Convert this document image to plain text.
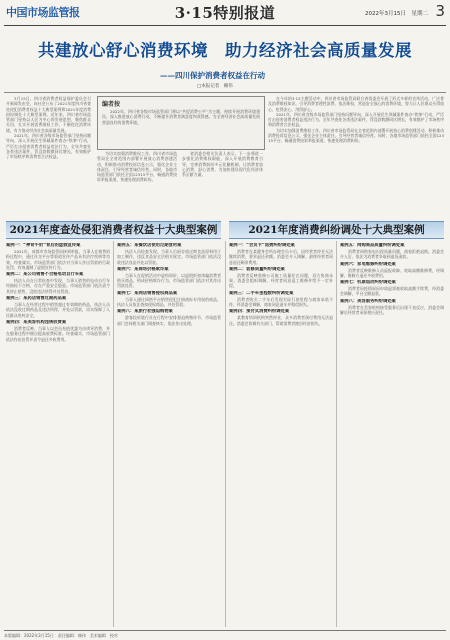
中国市场监管报	3·15特别报道	2022年3月15日　星期二 3
共建放心舒心消费环境　助力经济社会高质量发展
——四川保护消费者权益在行动
□本报记者　赖伟

3月15日，四川省消费者权益保护委员会召开新闻发布会，向社会公布了2021年度四川省查处侵犯消费者权益十大典型案例和2021年度消费纠纷调处十大典型案例。近年来，四川省市场监管部门坚持以人民为中心的发展思想，聚焦群众关切，扎实开展消费维权工作，不断优化消费环境，有力推动经济社会高质量发展。

2021年，四川省各级市场监管部门坚持问题导向，深入开展民生领域案件查办“铁拳”行动，严厉打击侵害消费者权益违法行为，全年共查处各类违法案件，罚没款数额同比增长，有效维护了市场秩序和消费者合法权益。

编者按

2022年，四川省各级市场监管部门将以“共促消费公平”为主题，持续开展消费环境建设，深入推进放心消费行动，不断提升消费者满意度和获得感，为全省经济社会高质量发展营造良好的消费环境。

为切实加强消费维权工作，四川省市场监管局在全省范围内部署开展放心消费创建活动，积极推动消费投诉信息公示，强化企业主体责任，引导经营者诚信经营。同时，各地市场监管部门依托全国12315平台，畅通消费投诉举报渠道，快速处理消费纠纷。

省消委会相关负责人表示，下一步将进一步强化消费维权职能，深入开展消费教育引导，完善消费纠纷多元化解机制，让消费者放心消费、舒心消费，为加快建设现代化经济体系贡献力量。

在今年的3·15主题活动中，四川省市场监管局联合省消委会开展了形式多样的宣传活动，广泛普及消费维权知识，引导消费者理性消费、依法维权，营造安全放心的消费环境，努力让人民群众买得放心、吃得安心、用得舒心。

2021年，四川省各级市场监管部门坚持问题导向，深入开展民生领域案件查办“铁拳”行动，严厉打击侵害消费者权益违法行为，全年共查处各类违法案件，罚没款数额同比增长，有效维护了市场秩序和消费者合法权益。

为切实加强消费维权工作，四川省市场监管局在全省范围内部署开展放心消费创建活动，积极推动消费投诉信息公示，强化企业主体责任，引导经营者诚信经营。同时，各地市场监管部门依托全国12315平台，畅通消费投诉举报渠道，快速处理消费纠纷。

2021年度查处侵犯消费者权益十大典型案例	2021年度消费纠纷调处十大典型案例
案例一：“神奇牛奶”背后的虚假宣传案

2021年，成都市市场监管局接到举报，当事人在销售奶粉过程中，通过社交平台等渠道宣传产品具有治疗疾病等功效，经查属实。市场监管部门依法对当事人作出罚款的行政处罚，有效遏制了虚假宣传行为。

案例二：某公司销售不合格电动自行车案

执法人员在日常检查中发现，当事人销售的电动自行车经抽检不合格，存在严重安全隐患。市场监管部门依法责令其停止销售，没收违法所得并处罚款。

案例三：某药店销售过期药品案

当事人在经营过程中销售超过有效期的药品，执法人员依法没收过期药品及违法所得，并处以罚款，切实保障了人民群众用药安全。

案例四：某美容机构违规收费案

消费者反映，当事人以会员充值优惠为由诱导消费，并在服务过程中擅自提高收费标准。经查属实，市场监管部门依法作出处罚并责令退还多收费用。

案例五：某餐饮店使用过期食材案

执法人员检查发现，当事人后厨存放过期食品原料用于加工制作，违反食品安全法相关规定。市场监管部门依法没收违法食品并处以罚款。

案例六：某商场价格欺诈案

当事人在促销活动中虚构原价，以虚假折扣诱骗消费者购买商品，构成价格欺诈行为，市场监管部门依法对其作出罚款处罚。

案例七：某网店销售侵权商品案

当事人通过网络平台销售侵犯注册商标专用权的商品，执法人员依法查扣侵权商品，并处罚款。

案例八：某旅行社强迫购物案

游客投诉旅行社在行程中安排强迫购物环节，市场监管部门会同相关部门调查核实，依法作出处理。

案例一：“会员卡”退费纠纷调处案

消费者在某健身会所办理会员卡后，因经营者停业无法继续消费，要求退还余额。消委会介入调解，最终经营者同意退还剩余费用。

案例二：装修质量纠纷调处案

消费者反映装修公司施工质量存在问题，双方协商未果。消委会组织调解，经营者同意返工维修并给予一定补偿。

案例三：二手车里程数纠纷调处案

消费者购买二手车后发现实际行驶里程与商家承诺不符，经消委会调解，商家同意退车并赔偿损失。

案例四：预付式消费纠纷调处案

某教育培训机构突然停业，众多消费者预付费用无法退还。消委会协调有关部门，帮助消费者挽回经济损失。

案例五：网购商品质量纠纷调处案

消费者网购家电出现质量问题，商家拒绝退换。消委会介入后，依法为消费者争取到退货退款。

案例六：家电维修纠纷调处案

消费者反映维修人员虚报故障、收取高额维修费，经调解，维修方退还多收费用。

案例七：机票退改纠纷调处案

消费者因疫情原因申请退票被收取高额手续费，经消委会调解，平台全额退款。

案例八：美容服务纠纷调处案

消费者在美容机构接受服务后出现不良反应，消委会调解后经营者承担相应责任。

本版编辑：2022年3月15日　责任编辑：赖伟　美术编辑　校对
